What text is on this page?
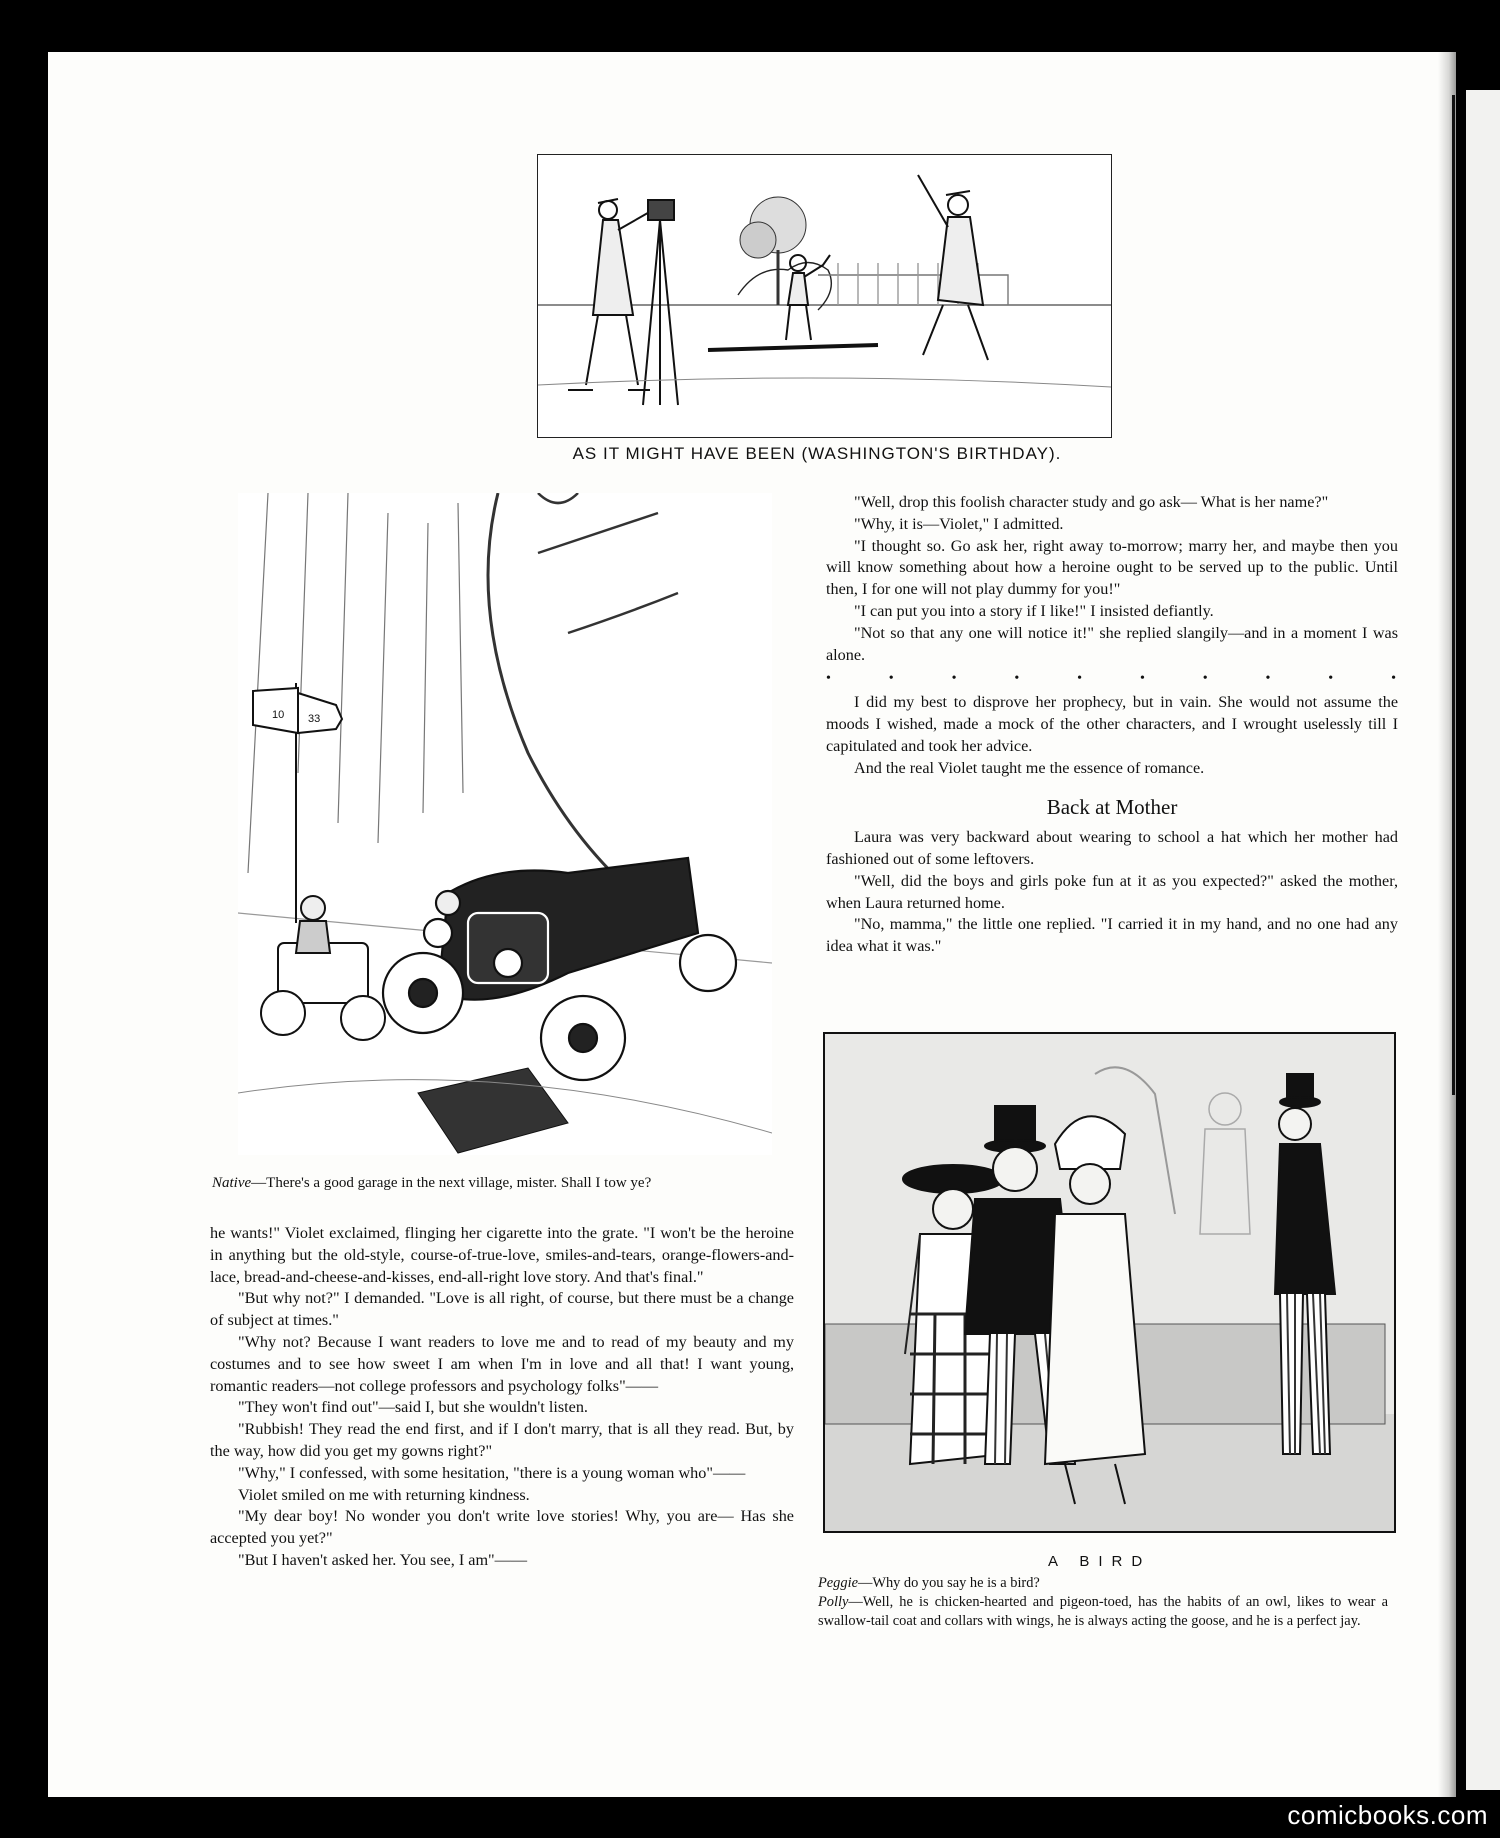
AS IT MIGHT HAVE BEEN (WASHINGTON'S BIRTHDAY).
10 33
Native—There's a good garage in the next village, mister. Shall I tow ye?

he wants!" Violet exclaimed, flinging her cigarette into the grate. "I won't be the heroine in anything but the old-style, course-of-true-love, smiles-and-tears, orange-flowers-and-lace, bread-and-cheese-and-kisses, end-all-right love story. And that's final."

"But why not?" I demanded. "Love is all right, of course, but there must be a change of subject at times."

"Why not? Because I want readers to love me and to read of my beauty and my costumes and to see how sweet I am when I'm in love and all that! I want young, romantic readers—not college professors and psychology folks"——

"They won't find out"—said I, but she wouldn't listen.

"Rubbish! They read the end first, and if I don't marry, that is all they read. But, by the way, how did you get my gowns right?"

"Why," I confessed, with some hesitation, "there is a young woman who"——

Violet smiled on me with returning kindness.

"My dear boy! No wonder you don't write love stories! Why, you are— Has she accepted you yet?"

"But I haven't asked her. You see, I am"——

"Well, drop this foolish character study and go ask— What is her name?"

"Why, it is—Violet," I admitted.

"I thought so. Go ask her, right away to-morrow; marry her, and maybe then you will know something about how a heroine ought to be served up to the public. Until then, I for one will not play dummy for you!"

"I can put you into a story if I like!" I insisted defiantly.

"Not so that any one will notice it!" she replied slangily—and in a moment I was alone.

• • • • • • • • • •

I did my best to disprove her prophecy, but in vain. She would not assume the moods I wished, made a mock of the other characters, and I wrought uselessly till I capitulated and took her advice.

And the real Violet taught me the essence of romance.

Back at Mother

Laura was very backward about wearing to school a hat which her mother had fashioned out of some leftovers.

"Well, did the boys and girls poke fun at it as you expected?" asked the mother, when Laura returned home.

"No, mamma," the little one replied. "I carried it in my hand, and no one had any idea what it was."

A BIRD

Peggie—Why do you say he is a bird?

Polly—Well, he is chicken-hearted and pigeon-toed, has the habits of an owl, likes to wear a swallow-tail coat and collars with wings, he is always acting the goose, and he is a perfect jay.

comicbooks.com
